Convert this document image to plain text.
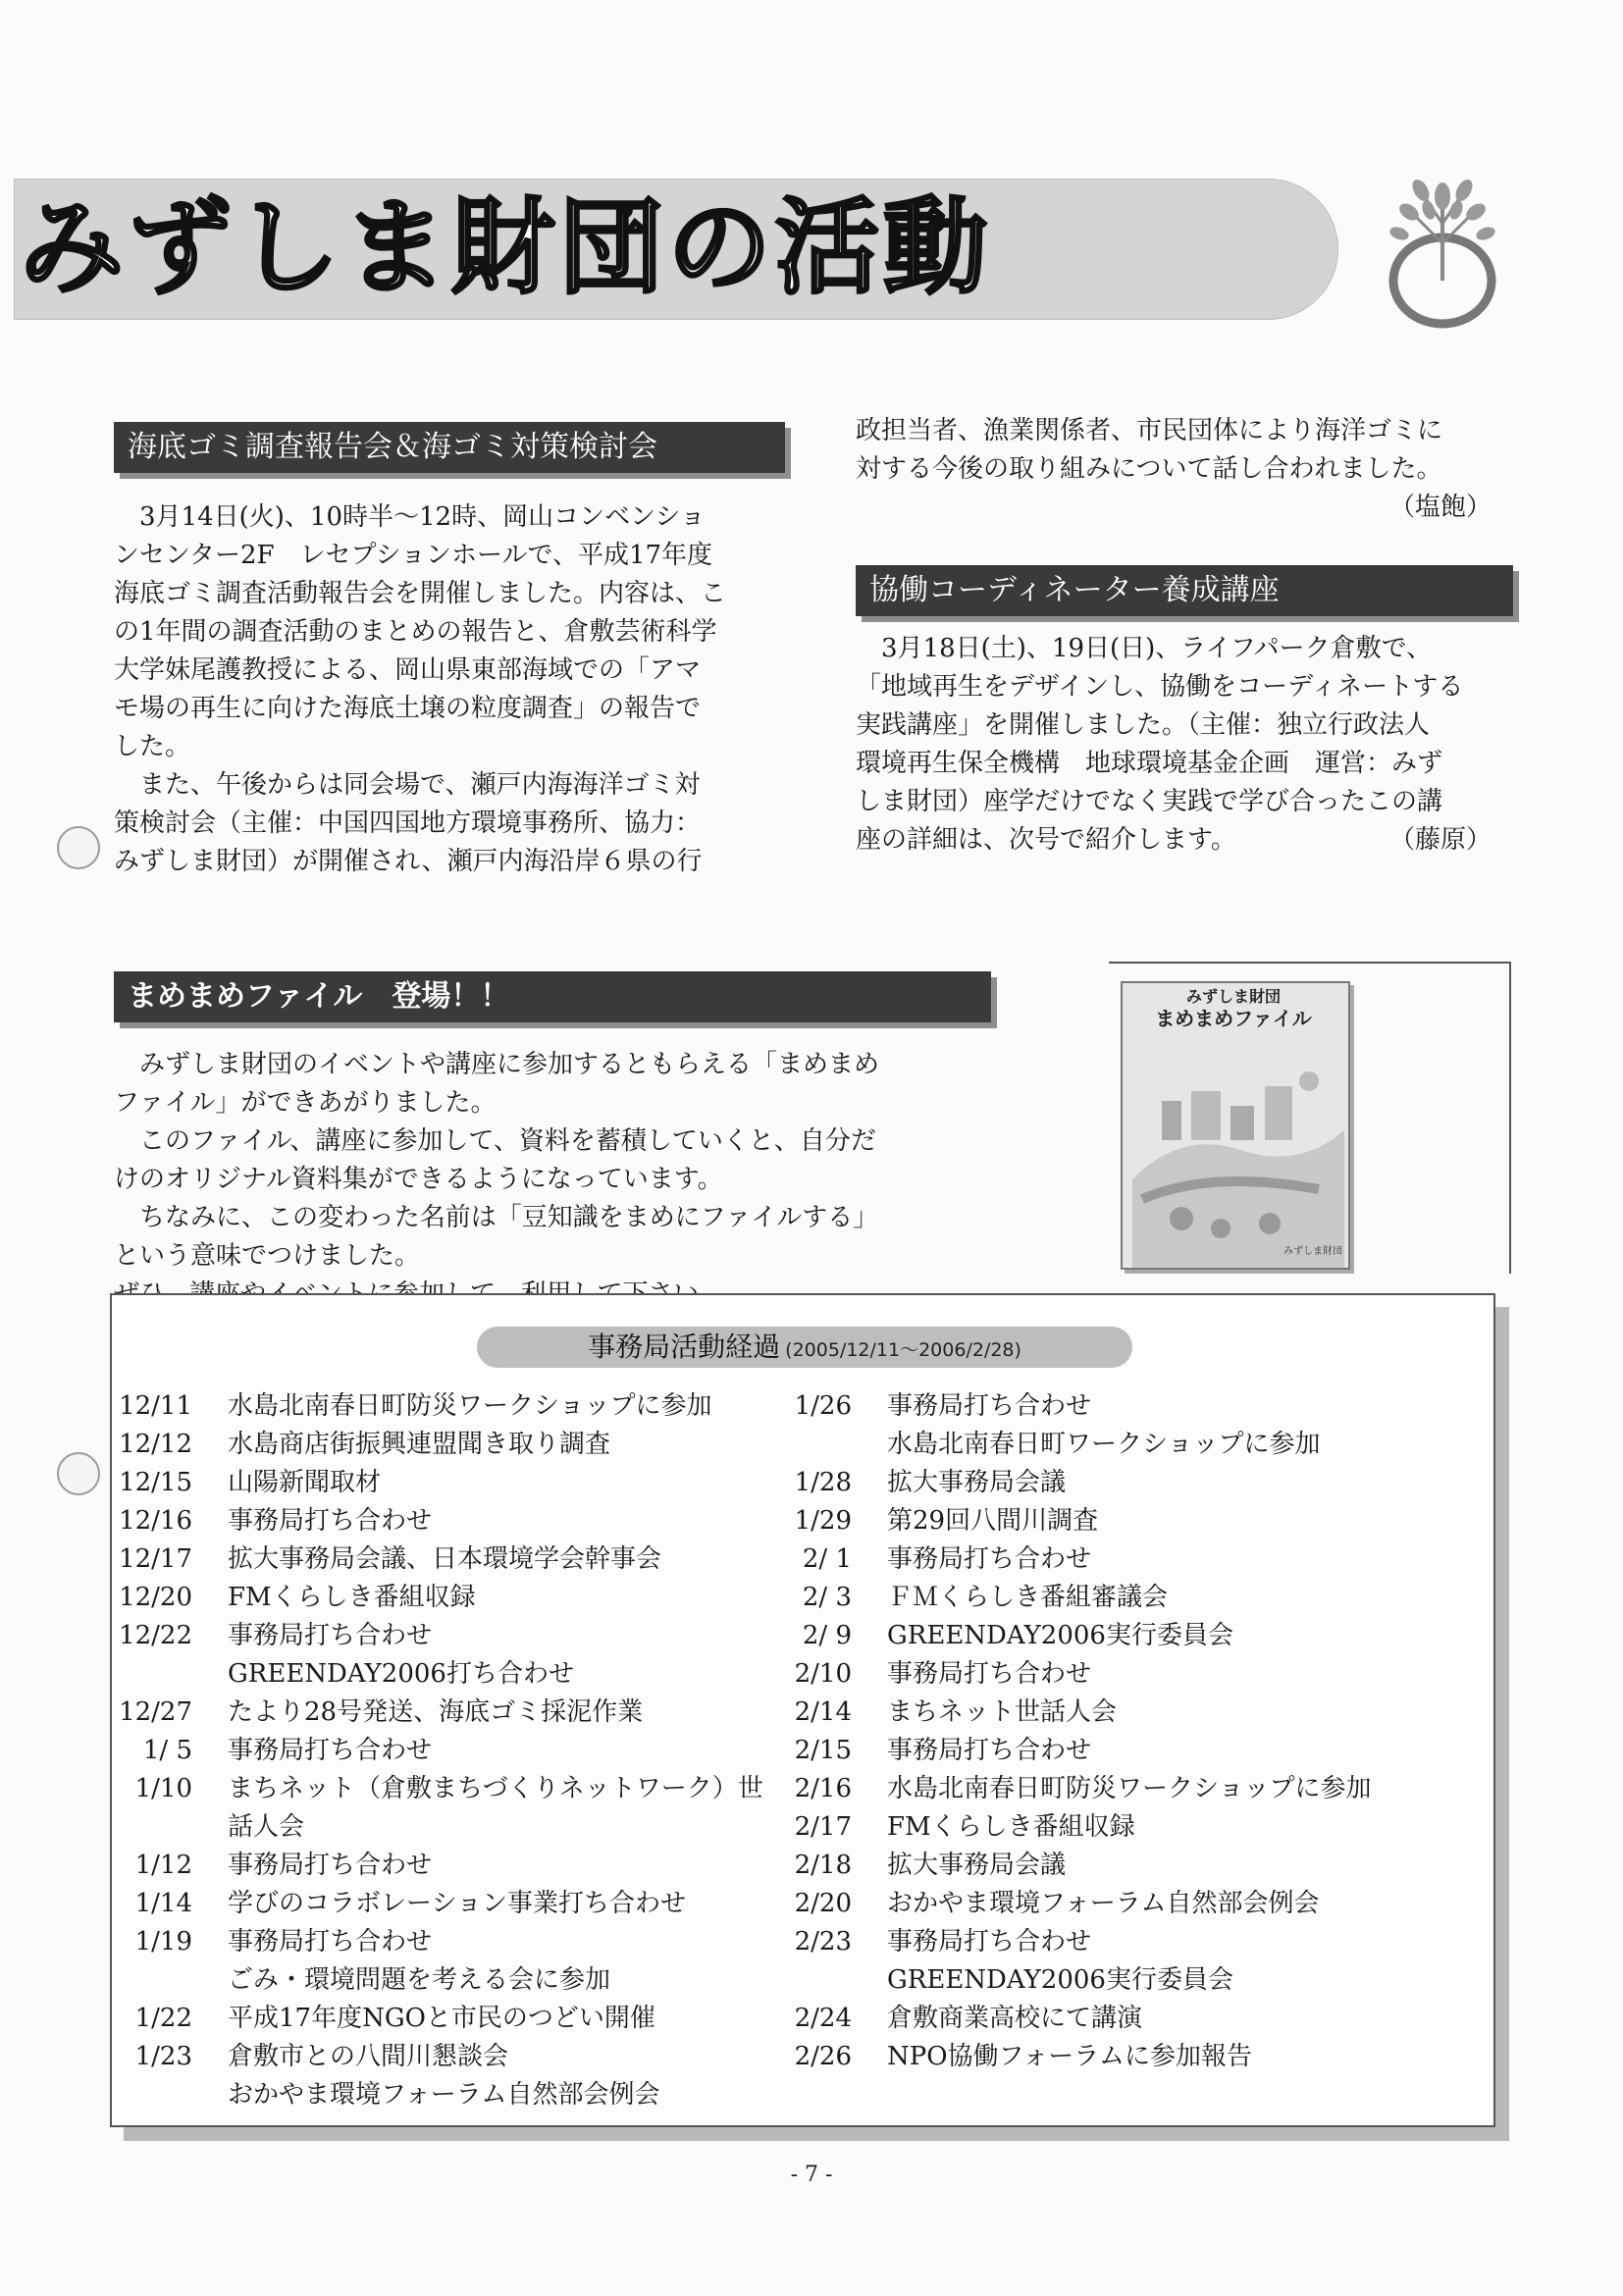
みずしま財団の活動
海底ゴミ調査報告会＆海ゴミ対策検討会
　3月14日(火)、10時半～12時、岡山コンベンショ
ンセンター2F　レセプションホールで、平成17年度
海底ゴミ調査活動報告会を開催しました。内容は、こ
の1年間の調査活動のまとめの報告と、倉敷芸術科学
大学妹尾護教授による、岡山県東部海域での「アマ
モ場の再生に向けた海底土壌の粒度調査」の報告で
した。
　また、午後からは同会場で、瀬戸内海海洋ゴミ対
策検討会（主催：中国四国地方環境事務所、協力：
みずしま財団）が開催され、瀬戸内海沿岸６県の行
政担当者、漁業関係者、市民団体により海洋ゴミに
対する今後の取り組みについて話し合われました。
（塩飽）
協働コーディネーター養成講座
　3月18日(土)、19日(日)、ライフパーク倉敷で、
「地域再生をデザインし、協働をコーディネートする
実践講座」を開催しました。（主催：独立行政法人
環境再生保全機構　地球環境基金企画　運営：みず
しま財団）座学だけでなく実践で学び合ったこの講
座の詳細は、次号で紹介します。	（藤原）
まめまめファイル　登場！！
　みずしま財団のイベントや講座に参加するともらえる「まめまめ
ファイル」ができあがりました。
　このファイル、講座に参加して、資料を蓄積していくと、自分だ
けのオリジナル資料集ができるようになっています。
　ちなみに、この変わった名前は「豆知識をまめにファイルする」
という意味でつけました。
みずしま財団
まめまめファイル
みずしま財団
事務局活動経過 (2005/12/11～2006/2/28)
12/11 水島北南春日町防災ワークショップに参加
12/12 水島商店街振興連盟聞き取り調査
12/15 山陽新聞取材
12/16 事務局打ち合わせ
12/17 拡大事務局会議、日本環境学会幹事会
12/20 FMくらしき番組収録
12/22 事務局打ち合わせ
GREENDAY2006打ち合わせ
12/27 たより28号発送、海底ゴミ採泥作業
1/ 5 事務局打ち合わせ
1/10 まちネット（倉敷まちづくりネットワーク）世
話人会
1/12 事務局打ち合わせ
1/14 学びのコラボレーション事業打ち合わせ
1/19 事務局打ち合わせ
ごみ・環境問題を考える会に参加
1/22 平成17年度NGOと市民のつどい開催
1/23 倉敷市との八間川懇談会
おかやま環境フォーラム自然部会例会
1/26 事務局打ち合わせ
水島北南春日町ワークショップに参加
1/28 拡大事務局会議
1/29 第29回八間川調査
2/ 1 事務局打ち合わせ
2/ 3 ＦＭくらしき番組審議会
2/ 9 GREENDAY2006実行委員会
2/10 事務局打ち合わせ
2/14 まちネット世話人会
2/15 事務局打ち合わせ
2/16 水島北南春日町防災ワークショップに参加
2/17 FMくらしき番組収録
2/18 拡大事務局会議
2/20 おかやま環境フォーラム自然部会例会
2/23 事務局打ち合わせ
GREENDAY2006実行委員会
2/24 倉敷商業高校にて講演
2/26 NPO協働フォーラムに参加報告
- 7 -
